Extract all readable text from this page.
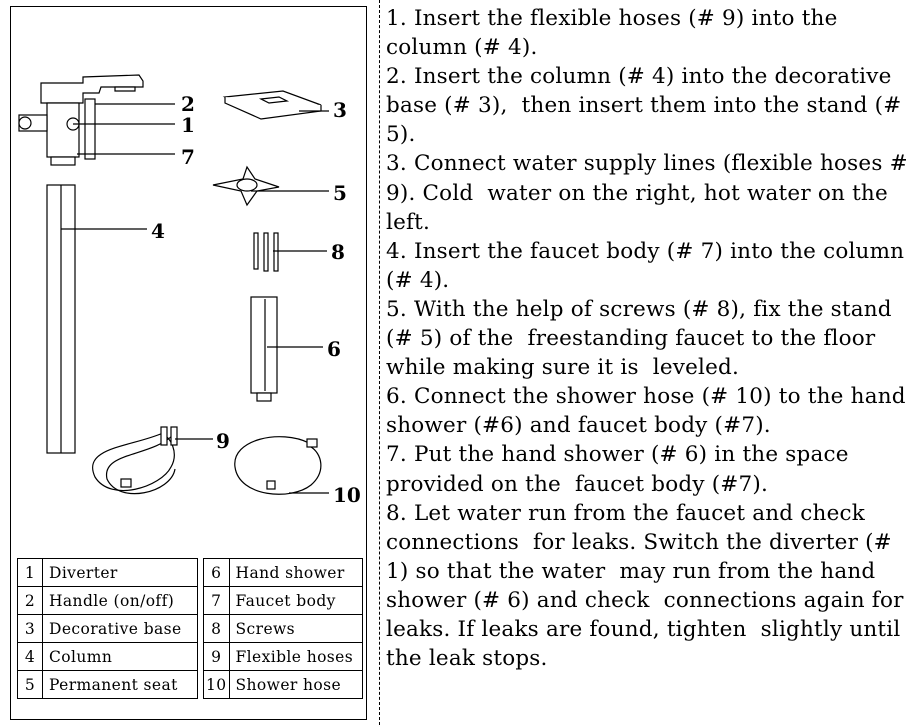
1
2	3
4
5
6
7
8
9
10
1	Diverter
2	Handle (on/off)
3	Decorative base
4	Column
5	Permanent seat
6	Hand shower
7	Faucet body
8	Screws
9	Flexible hoses
10	Shower hose
1. Insert the flexible hoses (# 9) into the column (# 4).
2. Insert the column (# 4) into the decorative base (# 3),  then insert them into the stand (# 5).
3. Connect water supply lines (flexible hoses # 9). Cold  water on the right, hot water on the left.
4. Insert the faucet body (# 7) into the column (# 4).
5. With the help of screws (# 8), fix the stand (# 5) of the  freestanding faucet to the floor while making sure it is  leveled.
6. Connect the shower hose (# 10) to the hand shower (#6) and faucet body (#7).
7. Put the hand shower (# 6) in the space provided on the  faucet body (#7).
8. Let water run from the faucet and check connections  for leaks. Switch the diverter (# 1) so that the water  may run from the hand shower (# 6) and check  connections again for leaks. If leaks are found, tighten  slightly until the leak stops.
